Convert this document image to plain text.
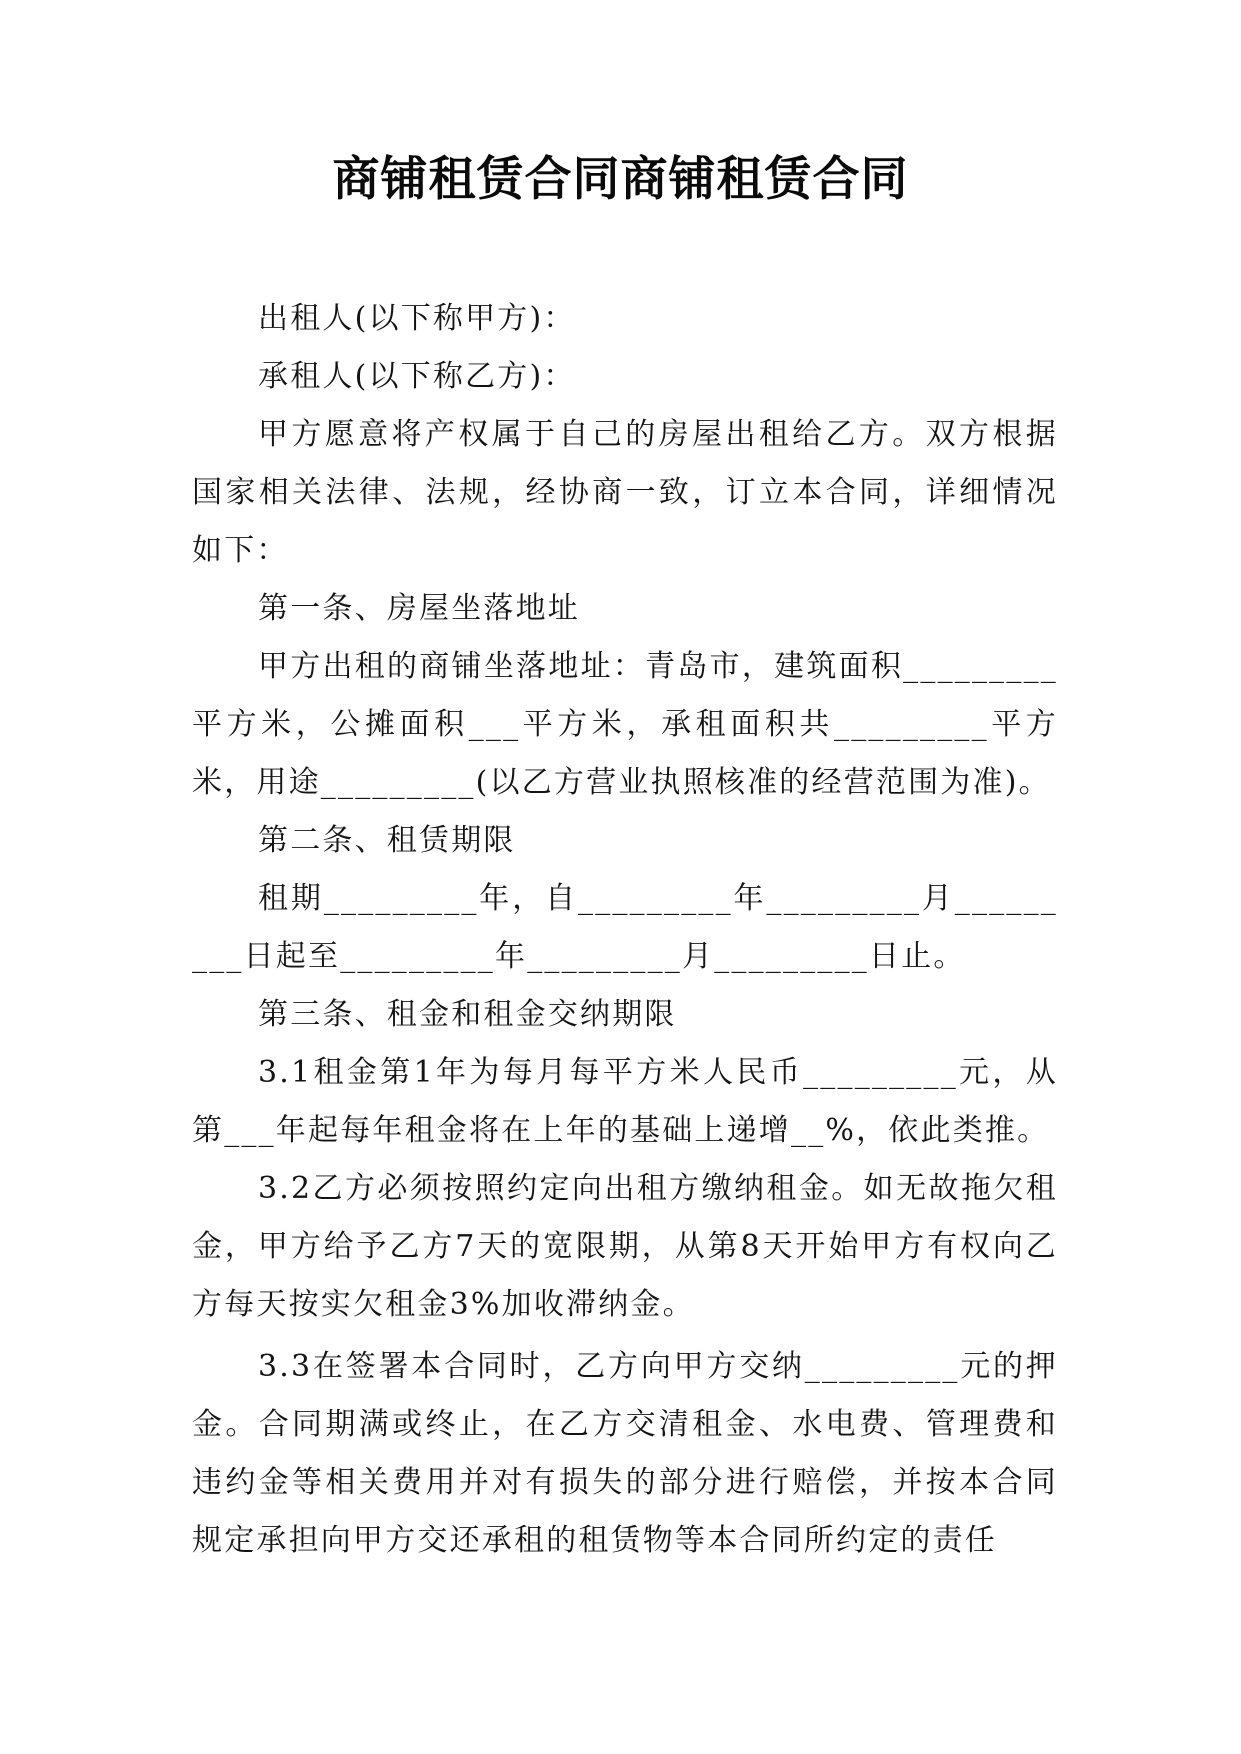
商铺租赁合同商铺租赁合同

出租人(以下称甲方)：

承租人(以下称乙方)：

甲方愿意将产权属于自己的房屋出租给乙方。双方根据国家相关法律、法规，经协商一致，订立本合同，详细情况如下：

第一条、房屋坐落地址

甲方出租的商铺坐落地址：青岛市，建筑面积_________平方米，公摊面积___平方米，承租面积共_________平方米，用途_________(以乙方营业执照核准的经营范围为准)。

第二条、租赁期限

租期_________年，自_________年_________月_________日起至_________年_________月_________日止。

第三条、租金和租金交纳期限

3.1租金第1年为每月每平方米人民币_________元，从第___年起每年租金将在上年的基础上递增__%，依此类推。

3.2乙方必须按照约定向出租方缴纳租金。如无故拖欠租金，甲方给予乙方7天的宽限期，从第8天开始甲方有权向乙方每天按实欠租金3%加收滞纳金。

3.3在签署本合同时，乙方向甲方交纳_________元的押金。合同期满或终止，在乙方交清租金、水电费、管理费和违约金等相关费用并对有损失的部分进行赔偿，并按本合同规定承担向甲方交还承租的租赁物等本合同所约定的责任
